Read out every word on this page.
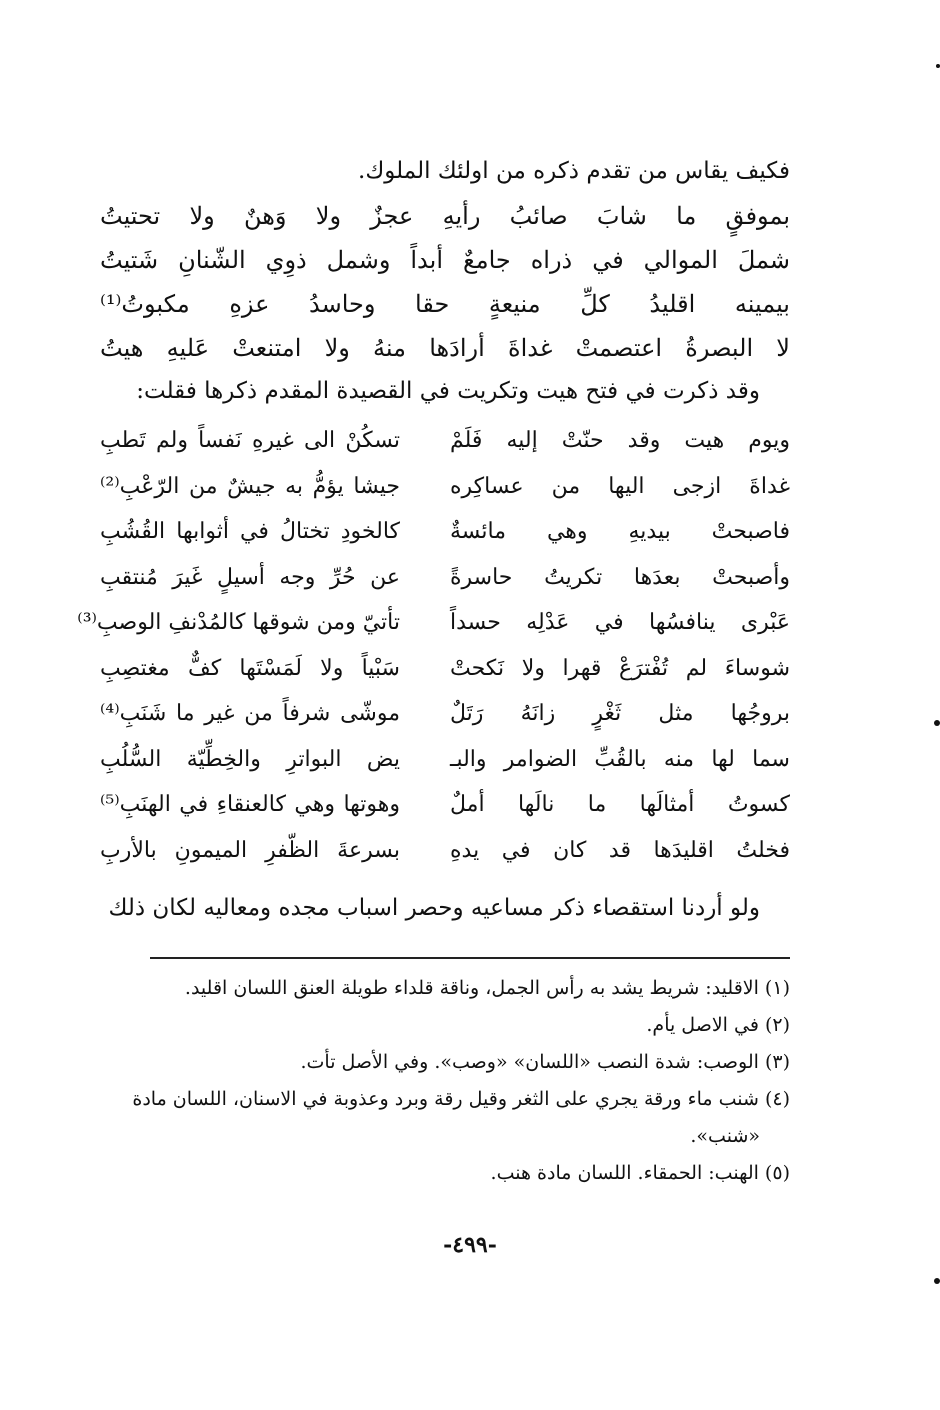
فكيف يقاس من تقدم ذكره من اولئك الملوك.
بموفقٍ ما شابَ صائبُ رأيهِ عجزٌ ولا وَهنٌ ولا تحتيتُ
شملَ الموالي في ذراه جامعٌ أبداً وشمل ذوِي الشّنانِ شَتيتُ
بيمينه اقليدُ كلِّ منيعةٍ حقا وحاسدُ عزهِ مكبوتُ⁽¹⁾
لا البصرةُ اعتصمتْ غداةَ أرادَها منهُ ولا امتنعتْ عَليهِ هيتُ
وقد ذكرت في فتح هيت وتكريت في القصيدة المقدم ذكرها فقلت:
ويوم هيت وقد حنّتْ إليه فَلَمْ
تسكُنْ الى غيرهِ نَفساً ولم تَطبِ
غداةَ ازجى اليها من عساكِره
جيشا يؤمُّ به جيشٌ من الرّعْبِ⁽²⁾
فاصبحتْ بيديهِ وهي مائسةٌ
كالخودِ تختالُ في أثوابها القُشُبِ
وأصبحتْ بعدَها تكريتُ حاسرةً
عن حُرِّ وجه أسيلٍ غَيرَ مُنتقبِ
عَبْرى ينافسُها في عَدْلِه حسداً
تأتيّ ومن شوقها كالمُدْنفِ الوصبِ⁽³⁾
شوساءَ لم تُفْترَعْ قهرا ولا نَكحتْ
سَبْياً ولا لَمَسْتَها كفٌّ مغتصِبِ
بروجُها مثل ثَغْرٍ زانَهُ رَتَلٌ
موشّى شرفاً من غير ما شَنَبِ⁽⁴⁾
سما لها منه بالقُبِّ الضوامر والبـ
يض البواترِ والخِطِّيّة السُّلُبِ
كسوتُ أمثالَها ما نالَها أملٌ
وهوتها وهي كالعنقاءِ في الهنَبِ⁽⁵⁾
فخلتُ اقليدَها قد كان في يدهِ
بسرعةَ الظّفرِ الميمونِ بالأربِ
ولو أردنا استقصاء ذكر مساعيه وحصر اسباب مجده ومعاليه لكان ذلك
(١) الاقليد: شريط يشد به رأس الجمل، وناقة قلداء طويلة العنق اللسان اقليد.
(٢) في الاصل يأم.
(٣) الوصب: شدة النصب «اللسان» «وصب». وفي الأصل تأت.
(٤) شنب ماء ورقة يجري على الثغر وقيل رقة وبرد وعذوبة في الاسنان، اللسان مادة
«شنب».
(٥) الهنب: الحمقاء. اللسان مادة هنب.
-٤٩٩-
